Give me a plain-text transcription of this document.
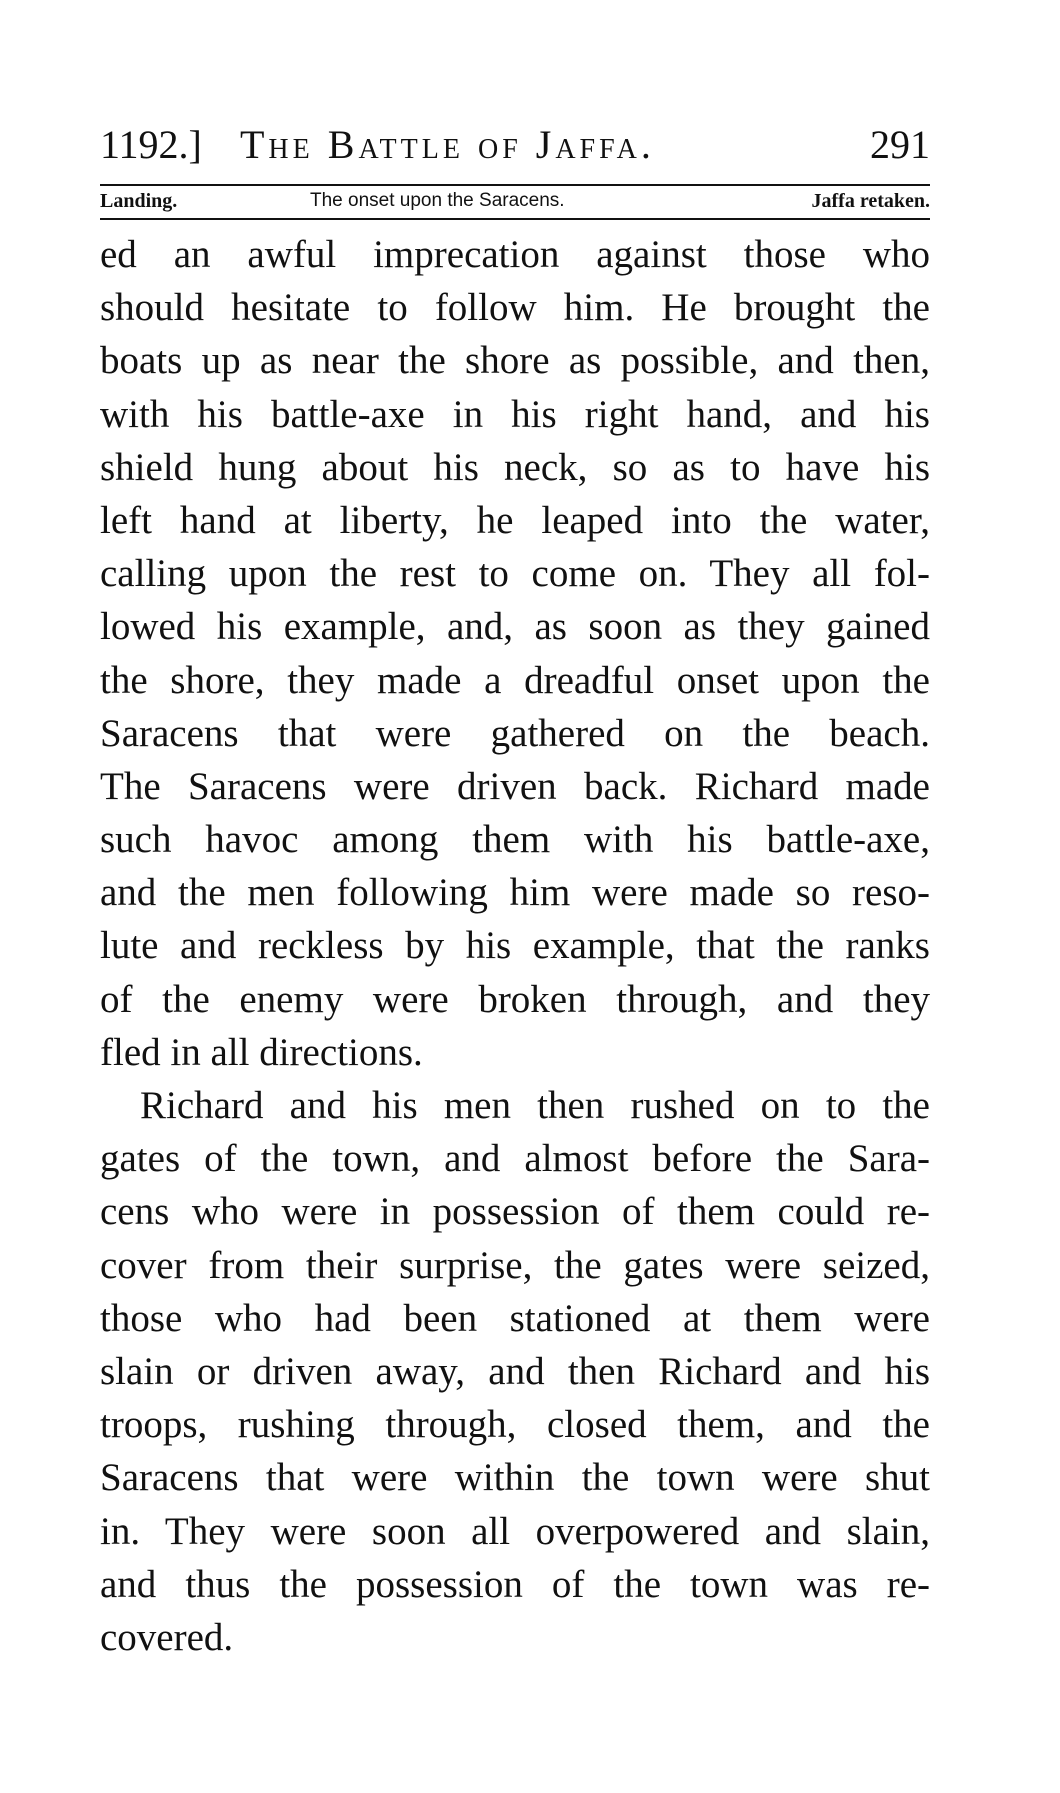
1192.] The Battle of Jaffa.	291
Landing.	The onset upon the Saracens.	Jaffa retaken.
ed an awful imprecation against those who
should hesitate to follow him. He brought the
boats up as near the shore as possible, and then,
with his battle-axe in his right hand, and his
shield hung about his neck, so as to have his
left hand at liberty, he leaped into the water,
calling upon the rest to come on. They all fol-
lowed his example, and, as soon as they gained
the shore, they made a dreadful onset upon the
Saracens that were gathered on the beach.
The Saracens were driven back. Richard made
such havoc among them with his battle-axe,
and the men following him were made so reso-
lute and reckless by his example, that the ranks
of the enemy were broken through, and they
fled in all directions.
Richard and his men then rushed on to the
gates of the town, and almost before the Sara-
cens who were in possession of them could re-
cover from their surprise, the gates were seized,
those who had been stationed at them were
slain or driven away, and then Richard and his
troops, rushing through, closed them, and the
Saracens that were within the town were shut
in. They were soon all overpowered and slain,
and thus the possession of the town was re-
covered.
